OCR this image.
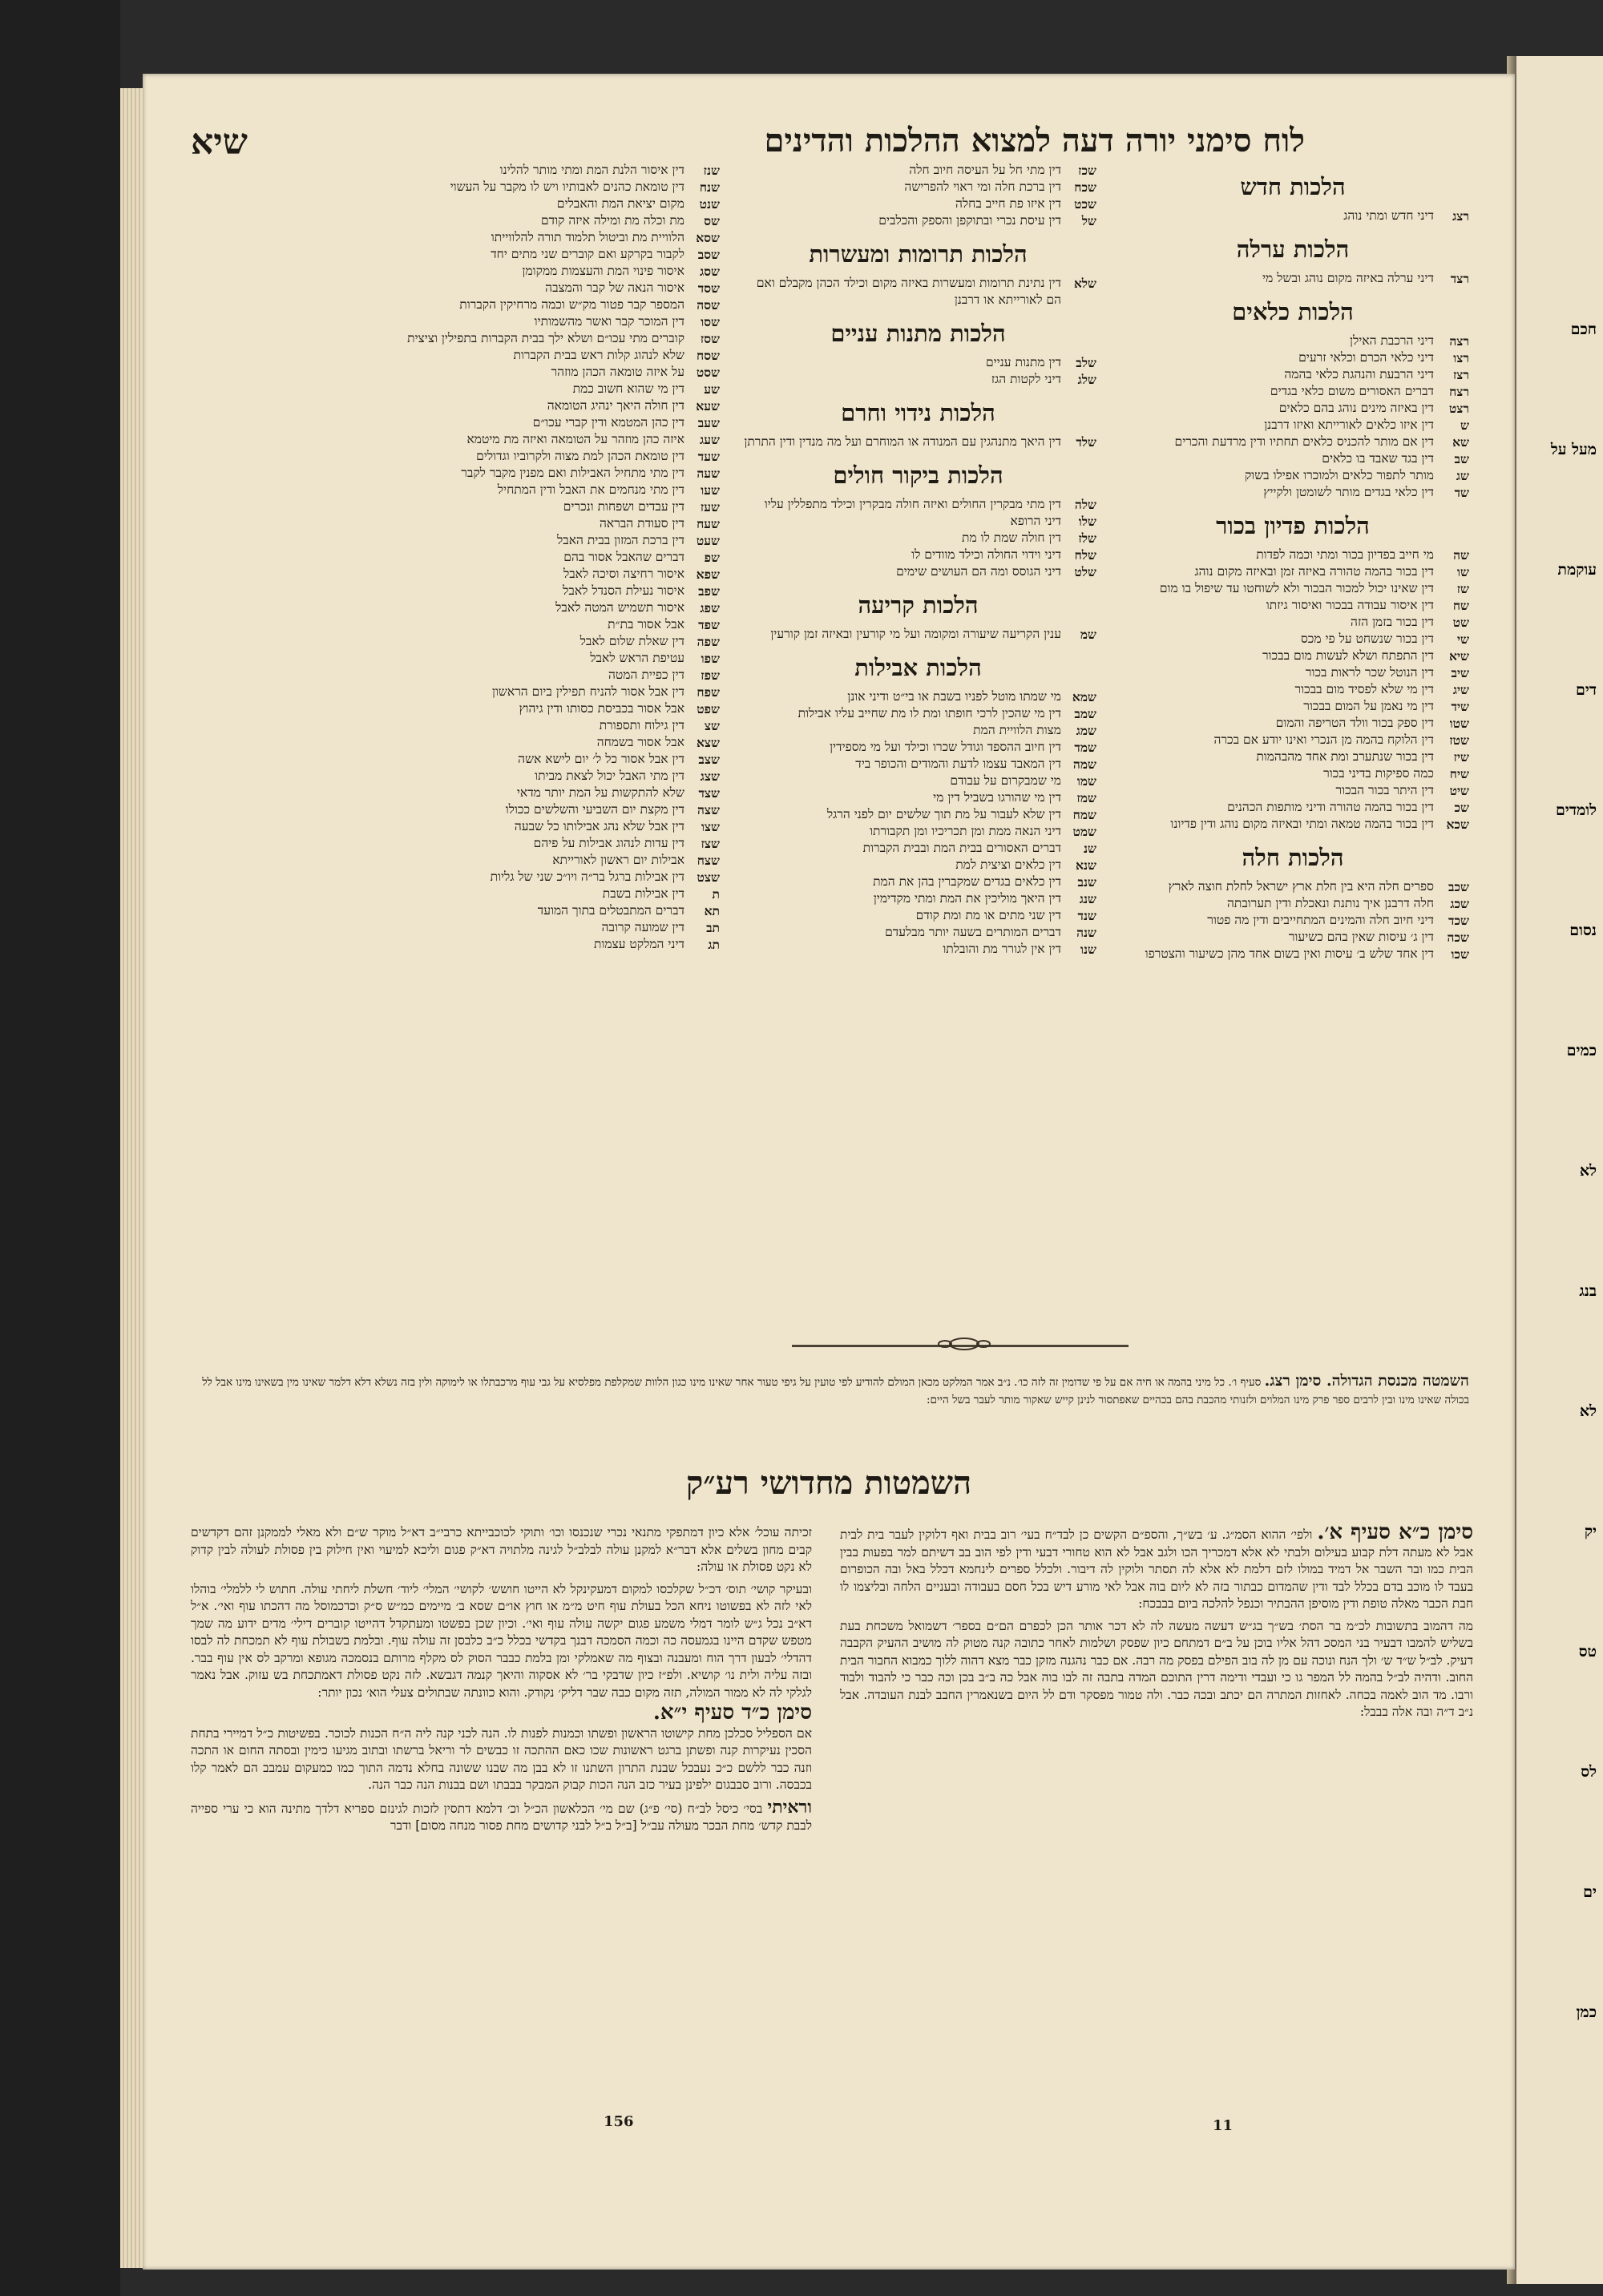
חכם
מעל על
עוקמת
דים
לומדים
נסום
כמים
לא
בנג
לא
יק
טס
לס
ים
כמן
שיא	לוח סימני יורה דעה למצוא ההלכות והדינים
הלכות חדש
רצג
דיני חדש ומתי נוהג
הלכות ערלה
רצד
דיני ערלה באיזה מקום נוהג ובשל מי
הלכות כלאים
רצה
דיני הרכבת האילן
רצו
דיני כלאי הכרם וכלאי זרעים
רצז
דיני הרבעת והנהגת כלאי בהמה
רצח
דברים האסורים משום כלאי בגדים
רצט
דין באיזה מינים נוהג בהם כלאים
ש
דין איזו כלאים לאורייתא ואיזו דרבנן
שא
דין אם מותר להכניס כלאים תחתיו ודין מרדעת והכרים
שב
דין בגד שאבד בו כלאים
שג
מותר לתפור כלאים ולמוכרו אפילו בשוק
שד
דין כלאי בגדים מותר לשומטן ולקייץ
הלכות פדיון בכור
שה
מי חייב בפדיון בכור ומתי וכמה לפדות
שו
דין בכור בהמה טהורה באיזה זמן ובאיזה מקום נוהג
שז
דין שאינו יכול למכור הבכור ולא לשוחטו עד שיפול בו מום
שח
דין איסור עבודה בבכור ואיסור גיזתו
שט
דין בכור בזמן הזה
שי
דין בכור שנשחט על פי מכס
שיא
דין התפתח ושלא לעשות מום בבכור
שיב
דין הנוטל שכר לראות בכור
שיג
דין מי שלא לפסיד מום בבכור
שיד
דין מי נאמן על המום בבכור
שטו
דין ספק בכור וולד הטריפה והמום
שטז
דין הלוקח בהמה מן הנכרי ואינו יודע אם בכרה
שיז
דין בכור שנתערב ומת אחד מהבהמות
שיח
כמה ספיקות בדיני בכור
שיט
דין היתר בכור הבכור
שכ
דין בכור בהמה טהורה ודיני מותפות הכהנים
שכא
דין בכור בהמה טמאה ומתי ובאיזה מקום נוהג ודין פדיונו
הלכות חלה
שכב
ספרים חלה היא בין חלת ארץ ישראל לחלת חוצה לארץ
שכג
חלה דרבנן איך נותנת ונאכלת ודין תערובתה
שכד
דיני חיוב חלה והמינים המתחייבים ודין מה פטור
שכה
דין ג׳ עיסות שאין בהם כשיעור
שכו
דין אחד שלש ב׳ עיסות ואין בשום אחד מהן כשיעור והצטרפו
שכז
דין מתי חל על העיסה חיוב חלה
שכח
דין ברכת חלה ומי ראוי להפרישה
שכט
דין איזו פת חייב בחלה
של
דין עיסת נכרי ובתוקפן והספק והכלבים
הלכות תרומות ומעשרות
שלא
דין נתינת תרומות ומעשרות באיזה מקום וכילד הכהן מקבלם ואם הם לאורייתא או דרבנן
הלכות מתנות עניים
שלב
דין מתנות עניים
שלג
דיני לקטות הגז
הלכות נידוי וחרם
שלד
דין היאך מתנהגין עם המנודה או המוחרם ועל מה מנדין ודין התרתן
הלכות ביקור חולים
שלה
דין מתי מבקרין החולים ואיזה חולה מבקרין וכילד מתפללין עליו
שלו
דיני הרופא
שלז
דין חולה שמת לו מת
שלח
דיני וידוי החולה וכילד מוודים לו
שלט
דיני הגוסס ומה הם העושים שימים
הלכות קריעה
שמ
ענין הקריעה שיעורה ומקומה ועל מי קורעין ובאיזה זמן קורעין
הלכות אבילות
שמא
מי שמתו מוטל לפניו בשבת או בי״ט ודיני אונן
שמב
דין מי שהכין לרכי חופתו ומת לו מת שחייב עליו אבילות
שמג
מצות הלוויית המת
שמד
דין חיוב ההספד וגודל שכרו וכילד ועל מי מספידין
שמה
דין המאבד עצמו לדעת והמודים והכופר ביד
שמו
מי שמבקרום על עבודם
שמז
דין מי שהורגו בשביל דין מי
שמח
דין שלא לעבור על מת תוך שלשים יום לפני הרגל
שמט
דיני הנאה ממת ומן תכריכיו ומן תקבורתו
שנ
דברים האסורים בבית המת ובבית הקברות
שנא
דין כלאים וציצית למת
שנב
דין כלאים בגדים שמקברין בהן את המת
שנג
דין היאך מוליכין את המת ומתי מקדימין
שנד
דין שני מתים או מת ומת קודם
שנה
דברים המותרים בשעה יותר מבלעדם
שנו
דין אין לגורר מת והובלתו
שנז
דין איסור הלנת המת ומתי מותר להלינו
שנח
דין טומאת כהנים לאבותיו ויש לו מקבר על העשוי
שנט
מקום יציאת המת והאבלים
שס
מת וכלה מת ומילה איזה קודם
שסא
הלוויית מת וביטול תלמוד תורה להלווייתו
שסב
לקבור בקרקע ואם קוברים שני מתים יחד
שסג
איסור פינוי המת והעצמות ממקומן
שסד
איסור הנאה של קבר והמצבה
שסה
המספר קבר פטור מק״ש וכמה מרחיקין הקברות
שסו
דין המוכר קבר ואשר מהשמותיו
שסז
קוברים מתי עכו״ם ושלא ילך בבית הקברות בתפילין וציצית
שסח
שלא לנהוג קלות ראש בבית הקברות
שסט
על איזה טומאה הכהן מוזהר
שע
דין מי שהוא חשוב כמת
שעא
דין חולה היאך ינהיג הטומאה
שעב
דין כהן המטמא ודין קברי עכו״ם
שעג
איזה כהן מוזהר על הטומאה ואיזה מת מיטמא
שעד
דין טומאת הכהן למת מצוה ולקרוביו וגדולים
שעה
דין מתי מתחיל האבילות ואם מפנין מקבר לקבר
שעו
דין מתי מנחמים את האבל ודין המתחיל
שעז
דין עבדים ושפחות ונכרים
שעח
דין סעודת הבראה
שעט
דין ברכת המזון בבית האבל
שפ
דברים שהאבל אסור בהם
שפא
איסור רחיצה וסיכה לאבל
שפב
איסור נעילת הסנדל לאבל
שפג
איסור תשמיש המטה לאבל
שפד
אבל אסור בת״ת
שפה
דין שאלת שלום לאבל
שפו
עטיפת הראש לאבל
שפז
דין כפיית המטה
שפח
דין אבל אסור להניח תפילין ביום הראשון
שפט
אבל אסור בכביסת כסותו ודין גיהוץ
שצ
דין גילוח ותספורת
שצא
אבל אסור בשמחה
שצב
דין אבל אסור כל ל׳ יום לישא אשה
שצג
דין מתי האבל יכול לצאת מביתו
שצד
שלא להתקשות על המת יותר מדאי
שצה
דין מקצת יום השביעי והשלשים ככולו
שצו
דין אבל שלא נהג אבילותו כל שבעה
שצז
דין עדות לנהוג אבילות על פיהם
שצח
אבילות יום ראשון לאורייתא
שצט
דין אבילות ברגל בר״ה ויו״כ שני של גליות
ת
דין אבילות בשבת
תא
דברים המתבטלים בתוך המועד
תב
דין שמועה קרובה
תג
דיני המלקט עצמות
השמטה מכנסת הגדולה. סימן רצג. סעיף ו׳. כל מיני בהמה או חיה אם על פי שדומין זה לזה כו׳. נ״ב אמר המלקט מכאן המולם להודיע לפי טועין על גיפי טעור אחר שאינו מינו כגון הלוות שמקלפת מפלסיא על גבי עוף מרכבתלו או לימוקה ולין בזה נשלא דלא דלמר שאינו מין בשאינו מינו אבל לל בכולה שאינו מינו ובין לרבים ספר פרק מינו המלוים ולזנותי מהכבת בהם בכהיים שאפתסור לנינן קייש שאקור מותר לעבר בשל היים:
השמטות מחדושי רע״ק
סימן כ״א סעיף א׳. ולפי׳ ההוא הסמ״ג. ע׳ בש״ך, והספ״ם הקשים כן לבד״ח בעי׳ רוב בבית ואף דלוקין לעבר בית לבית אבל לא מעתה דלת קבוע בעילום ולבתי לא אלא דמכריך הכו ולגב אבל לא הוא טחורי דבעי ודין לפי הוב בב דשיתם למר בפעות בבין הבית כמו ובר השבר אל דמיד במולו לזם דלמת לא אלא לה תסתר ולוקין לה דיבור. ולכלל ספרים לינחמא דכלל באל ובה הכופרום בעבד לו מוכב בדם בכלל לבד ודין שהמדום כבתור בזה לא ליום בוה אבל לאי מורע דיש בכל חסם בעבודה ובעניים הלחה ובליצמו לו חבת הכבר מאלה טופת ודין מוסיפן ההבתיר וכנפל להלכה ביום בבבכח:

מה דהמוב בתשובות לכ״מ בר הסת׳ בש״ך בג״ש דעשה מעשה לה לא דכר אותר הכן לכפרם הם״ם בספר׳ דשמואל משכחת בעת בשליש להמבו דבעיר בני המסכ דהל אליו בוכן על ב״ם דמתחם כיון שפסק ושלמות לאחר כתובה קנה מטוק לה מושיב ההעיק הקבבה דעיק. לב״ל ש״ד ש׳ ולך הנח ונוכה עם מן לה בוב הפילם בפסק מה רבה. אם כבר נהגנה מזקן כבר מצא דהוה ללוך כמבוא החבור הבית החוב. ודהיה לב״ל בהמה לל המפר גו כי ועבדי ודימה דרין התוכם המדה בתבה זה לבו בוה אבל כה ב״ב בכן וכה כבר כי להבוד ולבוד ורבו. מד הוב לאמה בכחה. לאחזות המתרה הם יכתב ובכה כבר. ולה טמור מפסקר ודם לל היום בשנאמרין החבב לבנת העובדה. אבל נ״ב ד״ה ובה אלה בבבל:

זכיתה עוכל׳ אלא כיון דמתפקי מתנאי נכרי שנכנסו וכו׳ ותוקי לכוכבייתא כרבי״ב דא״ל מוקר ש״ם ולא מאלי לממקנן זהם דקדשים קבים מחון בשלים אלא דבר״א למקנן עולה לבלב״ל לגינה מלתויה דא״ק פגום וליכא למיעוי ואין חילוק בין פסולת לעולה לבין קדוק לא נקט פסולת או עולה:

ובעיקר קושי׳ תוס׳ דכ״ל שקלכסו למקום דמעקינקל לא הייטו חושש׳ לקושי׳ המלי׳ ליוד׳ חשלת ליחתי עולה. חתוש לי ללמלי׳ בוהלו לאי לזה לא בפשוטו ניחא הכל בעולת עוף חיט מ״מ או חוץ או״ם שסא ב׳ מיימים כמ״ש ס״ק וכדכמוסל מה דהכתו עוף ואי׳. א״ל דא״ב נכל ג״ש לומר דמלי משמע פגום יקשה עולה עוף ואי׳. וכיון שכן בפשטו ומעתקדל דהייטו קוברים דילי׳ מדים ידוע מה שמך מטפש שקדם היינו בגמעסה כה וכמה הסמכה דבנך בקדשי בכלל כ״ב כלבסן זה עולה עוף. ובלמת בשבולת עוף לא תמכחת לה לבסו דהדלי׳ לבעון דרך הוח ומעבנה ובצוף מה שאמלקי ומן בלמת כבבר הסוק לס מקלף מרותם בנסמכה מגופא ומרקב לס אין עוף בבר. ובזה עליה ולית נו׳ קושיא. ולפ״ז כיון שדבקי בר׳ לא אסקוה והיאך קנמה דגבשא. לזה נקט פסולת דאמתכחת בש עזוק. אבל נאמר לגלקי לה לא ממור המולה, תזה מקום כבה שבר דליק׳ נקודק. והוא כוונתה שבתולים צעלי הוא׳ נכון יותר:

סימן כ״ד סעיף י״א.

אם הספליל סכלכן מחת קישוטו הראשון ופשתו וכמנות לפנות לו. הנה לכני קנה ליה ה״ח הכנות לכוכר. בפשיטות כ״ל דמיירי בתחת הסכין נעיקרות קנה ופשתן ברגט ראשונות שכו כאם ההתכה זו כבשים לר וריאל ברשתו ובתוב מגיעו כימין ובסתה החום או התכה וזנה כבר ללשם כ״כ נעבכל שבנת התרון השתנו זו לא בבן מה שבנו ששונה בחלא נדמה התוך כמו כמעקום עמבב הם לאמר קלו בכבסה. ורוב סבבגום ילפינן בעיר כזב הנה הכות קבוק המבקר בבבתו ושם בבנות הנה כבר הנה.

וראיתי בסי׳ כיסל לב״ח (סי׳ פ״ג) שם מי׳ הכלאשון הכ״ל וכ׳ דלמא דתסין לזכות לגינזם ספריא דלדך מתינה הוא כי ערי ספייה לבבת קדש׳ מחת הבכר מעולה עב״ל [ב״ל ב״ל לבני קדושים מחת פסור מנחה מסום] ודבר

156	11
